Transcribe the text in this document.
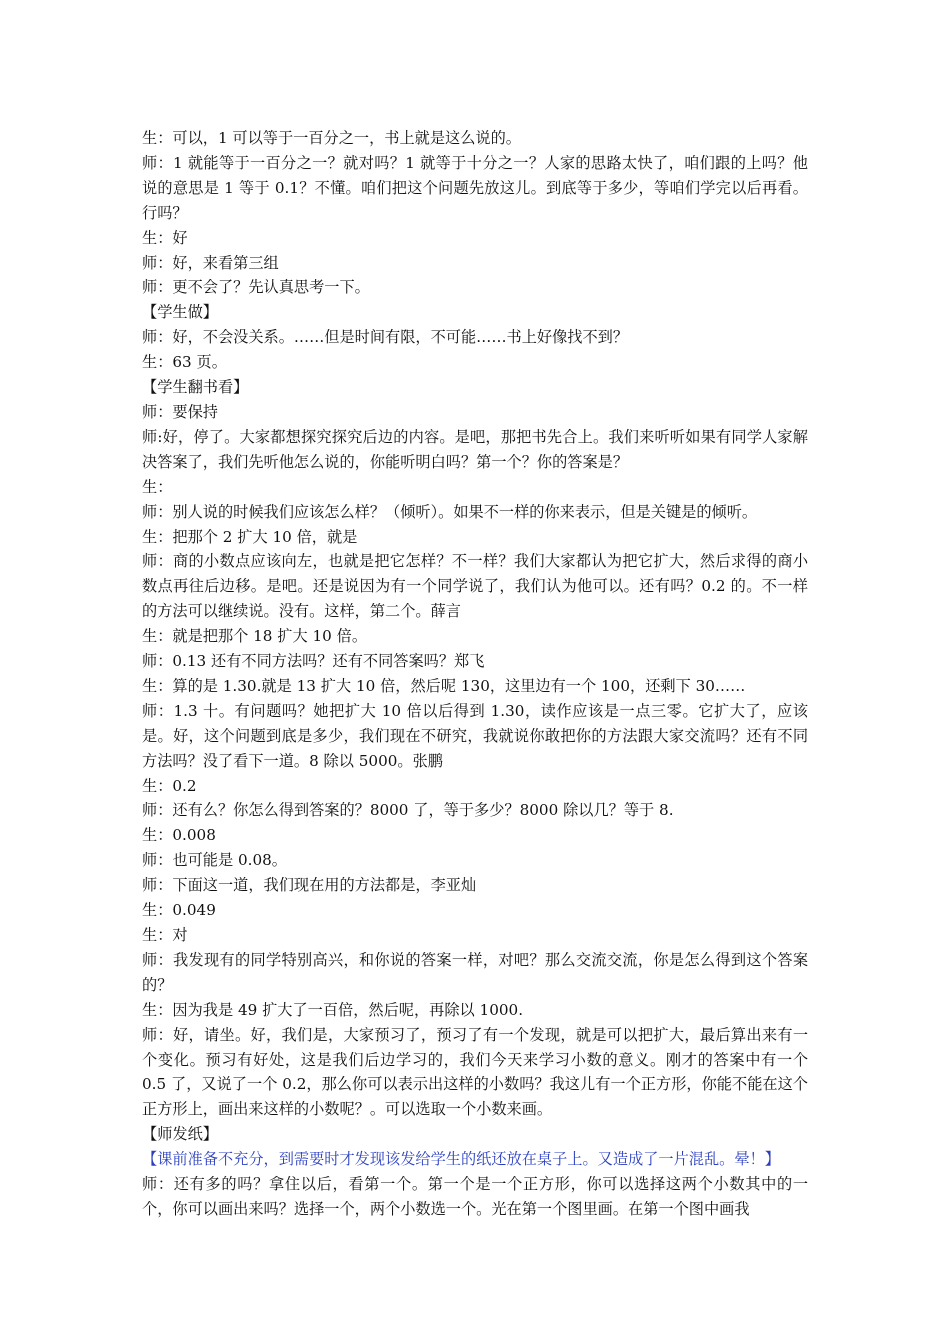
生：可以，1 可以等于一百分之一，书上就是这么说的。

师：1 就能等于一百分之一？就对吗？1 就等于十分之一？人家的思路太快了，咱们跟的上吗？他说的意思是 1 等于 0.1？不懂。咱们把这个问题先放这儿。到底等于多少，等咱们学完以后再看。行吗？

生：好

师：好，来看第三组

师：更不会了？先认真思考一下。

【学生做】

师：好，不会没关系。……但是时间有限，不可能……书上好像找不到？

生：63 页。

【学生翻书看】

师：要保持

师:好，停了。大家都想探究探究后边的内容。是吧，那把书先合上。我们来听听如果有同学人家解决答案了，我们先听他怎么说的，你能听明白吗？第一个？你的答案是？

生：

师：别人说的时候我们应该怎么样？（倾听）。如果不一样的你来表示，但是关键是的倾听。

生：把那个 2 扩大 10 倍，就是

师：商的小数点应该向左，也就是把它怎样？不一样？我们大家都认为把它扩大，然后求得的商小数点再往后边移。是吧。还是说因为有一个同学说了，我们认为他可以。还有吗？0.2 的。不一样的方法可以继续说。没有。这样，第二个。薛言

生：就是把那个 18 扩大 10 倍。

师：0.13 还有不同方法吗？还有不同答案吗？郑飞

生：算的是 1.30.就是 13 扩大 10 倍，然后呢 130，这里边有一个 100，还剩下 30……

师：1.3 十。有问题吗？她把扩大 10 倍以后得到 1.30，读作应该是一点三零。它扩大了，应该是。好，这个问题到底是多少，我们现在不研究，我就说你敢把你的方法跟大家交流吗？还有不同方法吗？没了看下一道。8 除以 5000。张鹏

生：0.2

师：还有么？你怎么得到答案的？8000 了，等于多少？8000 除以几？等于 8.

生：0.008

师：也可能是 0.08。

师：下面这一道，我们现在用的方法都是，李亚灿

生：0.049

生：对

师：我发现有的同学特别高兴，和你说的答案一样，对吧？那么交流交流，你是怎么得到这个答案的？

生：因为我是 49 扩大了一百倍，然后呢，再除以 1000.

师：好，请坐。好，我们是，大家预习了，预习了有一个发现，就是可以把扩大，最后算出来有一个变化。预习有好处，这是我们后边学习的，我们今天来学习小数的意义。刚才的答案中有一个 0.5 了，又说了一个 0.2，那么你可以表示出这样的小数吗？我这儿有一个正方形，你能不能在这个正方形上，画出来这样的小数呢？。可以选取一个小数来画。

【师发纸】

【课前准备不充分，到需要时才发现该发给学生的纸还放在桌子上。又造成了一片混乱。晕！】

师：还有多的吗？拿住以后，看第一个。第一个是一个正方形，你可以选择这两个小数其中的一个，你可以画出来吗？选择一个，两个小数选一个。光在第一个图里画。在第一个图中画我
